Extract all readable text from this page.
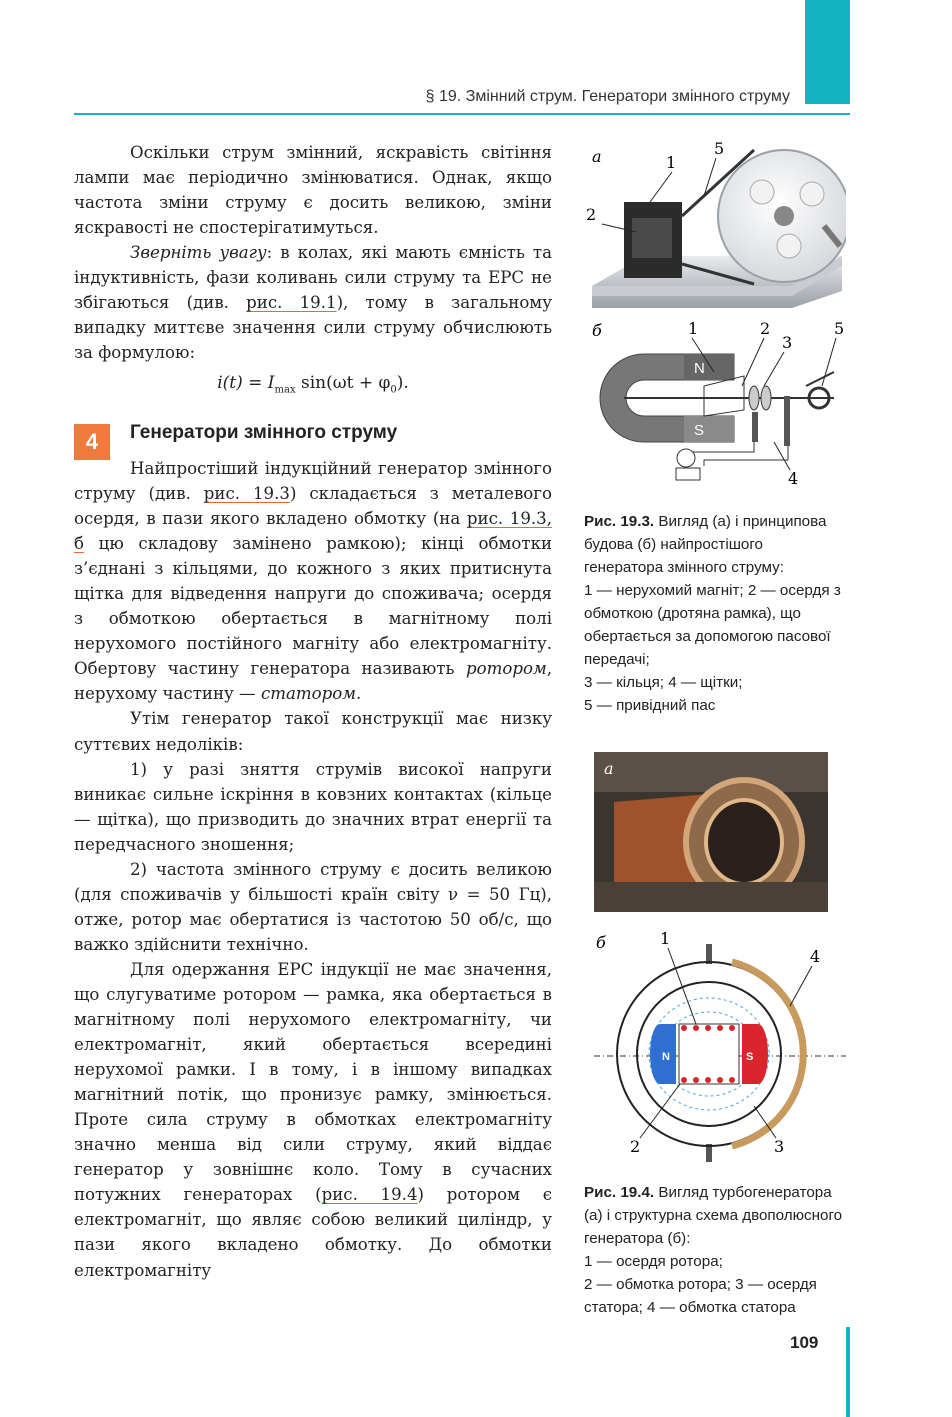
§ 19. Змінний струм. Генератори змінного струму

Оскільки струм змінний, яскравість світіння лампи має періодично змінюватися. Однак, якщо частота зміни струму є досить великою, зміни яскравості не спостерігатимуться.

Зверніть увагу: в колах, які мають ємність та індуктивність, фази коливань сили струму та ЕРС не збігаються (див. рис. 19.1), тому в загальному випадку миттєве значення сили струму обчислюють за формулою:

$i(t) = I_{max}$ $\sin(\omega t + \varphi_0)$.
4	Генератори змінного струму

Найпростіший індукційний генератор змінного струму (див. рис. 19.3) складається з металевого осердя, в пази якого вкладено обмотку (на рис. 19.3, б цю складову замінено рамкою); кінці обмотки з’єднані з кільцями, до кожного з яких притиснута щітка для відведення напруги до споживача; осердя з обмоткою обертається в магнітному полі нерухомого постійного магніту або електромагніту. Обертову частину генератора називають ротором, нерухому частину — статором.

Утім генератор такої конструкції має низку суттєвих недоліків:

1) у разі зняття струмів високої напруги виникає сильне іскріння в ковзних контактах (кільце — щітка), що призводить до значних втрат енергії та передчасного зношення;

2) частота змінного струму є досить великою (для споживачів у більшості країн світу ν = 50 Гц), отже, ротор має обертатися із частотою 50 об/с, що важко здійснити технічно.

Для одержання ЕРС індукції не має значення, що слугуватиме ротором — рамка, яка обертається в магнітному полі нерухомого електромагніту, чи електромагніт, який обертається всередині нерухомої рамки. І в тому, і в іншому випадках магнітний потік, що пронизує рамку, змінюється. Проте сила струму в обмотках електромагніту значно менша від сили струму, який віддає генератор у зовнішнє коло. Тому в сучасних потужних генераторах (рис. 19.4) ротором є електромагніт, що являє собою великий циліндр, у пази якого вкладено обмотку. До обмотки електромагніту

а	1
2
5
N
S
б	1	2
3
4
5
Рис. 19.3. Вигляд (а) і принципова будова (б) найпростішого генератора змінного струму:
1 — нерухомий магніт; 2 — осердя з обмоткою (дротяна рамка), що обертається за допомогою пасової передачі;
3 — кільця; 4 — щітки;
5 — привідний пас
а
б
N	S
1
2	3
4
Рис. 19.4. Вигляд турбогенератора (а) і структурна схема двополюсного генератора (б):
1 — осердя ротора;
2 — обмотка ротора; 3 — осердя статора; 4 — обмотка статора
109
